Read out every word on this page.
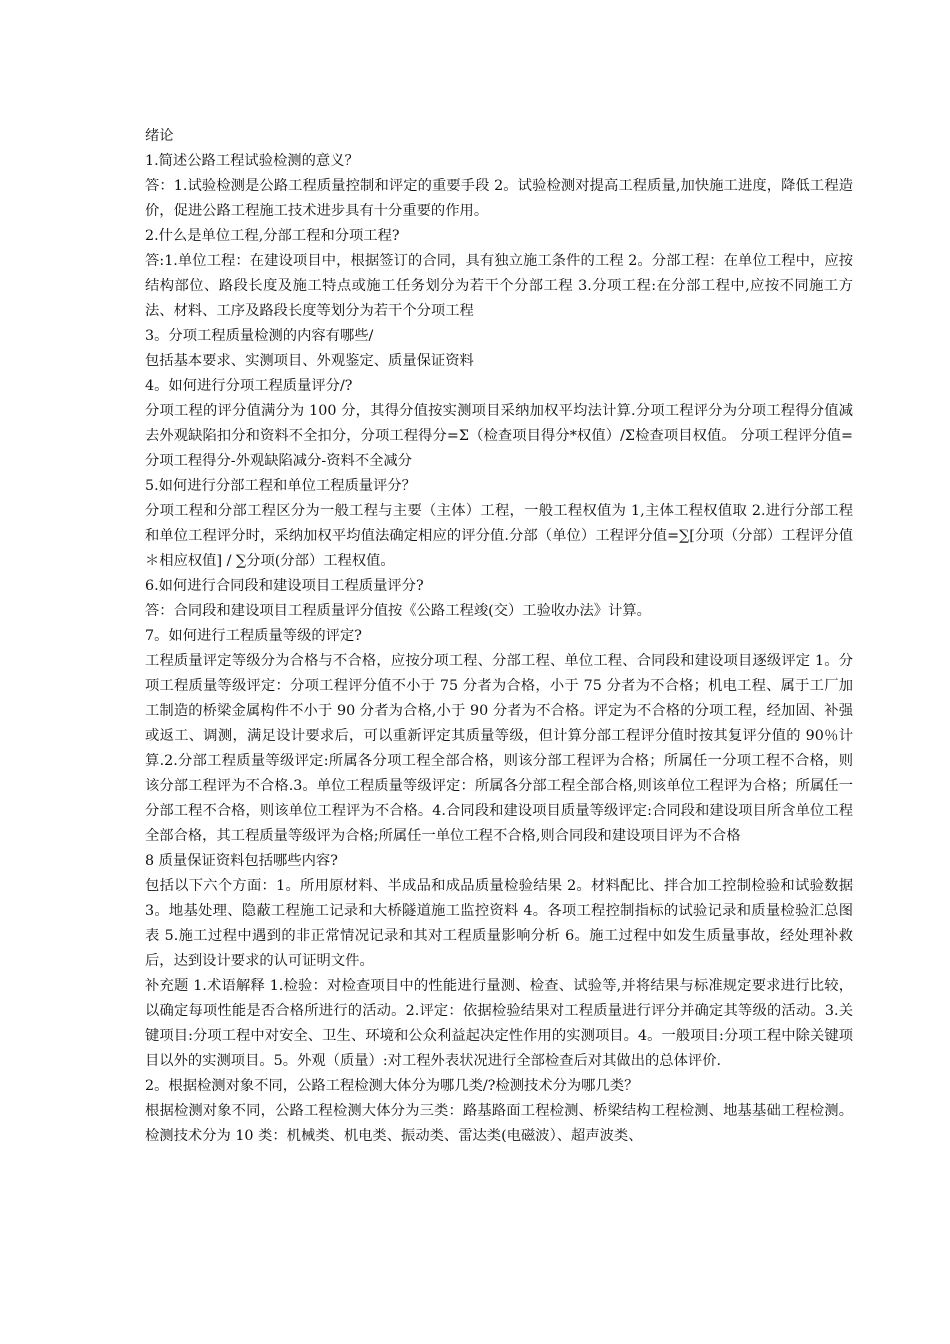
绪论

1.简述公路工程试验检测的意义？

答：1.试验检测是公路工程质量控制和评定的重要手段 2。试验检测对提高工程质量,加快施工进度，降低工程造价，促进公路工程施工技术进步具有十分重要的作用。

2.什么是单位工程,分部工程和分项工程?

答:1.单位工程：在建设项目中，根据签订的合同，具有独立施工条件的工程 2。分部工程：在单位工程中，应按结构部位、路段长度及施工特点或施工任务划分为若干个分部工程 3.分项工程:在分部工程中,应按不同施工方法、材料、工序及路段长度等划分为若干个分项工程

3。分项工程质量检测的内容有哪些/

包括基本要求、实测项目、外观鉴定、质量保证资料

4。如何进行分项工程质量评分/?

分项工程的评分值满分为 100 分，其得分值按实测项目采纳加权平均法计算.分项工程评分为分项工程得分值减去外观缺陷扣分和资料不全扣分，分项工程得分=Σ（检查项目得分*权值）/Σ检查项目权值。 分项工程评分值=分项工程得分-外观缺陷减分-资料不全减分

5.如何进行分部工程和单位工程质量评分？

分项工程和分部工程区分为一般工程与主要（主体）工程，一般工程权值为 1,主体工程权值取 2.进行分部工程和单位工程评分时，采纳加权平均值法确定相应的评分值.分部（单位）工程评分值=∑[分项（分部）工程评分值＊相应权值] / ∑分项(分部）工程权值。

6.如何进行合同段和建设项目工程质量评分?

答：合同段和建设项目工程质量评分值按《公路工程竣(交）工验收办法》计算。

7。如何进行工程质量等级的评定?

工程质量评定等级分为合格与不合格，应按分项工程、分部工程、单位工程、合同段和建设项目逐级评定 1。分项工程质量等级评定：分项工程评分值不小于 75 分者为合格，小于 75 分者为不合格；机电工程、属于工厂加工制造的桥梁金属构件不小于 90 分者为合格,小于 90 分者为不合格。评定为不合格的分项工程，经加固、补强或返工、调测，满足设计要求后，可以重新评定其质量等级，但计算分部工程评分值时按其复评分值的 90％计算.2.分部工程质量等级评定:所属各分项工程全部合格，则该分部工程评为合格；所属任一分项工程不合格，则该分部工程评为不合格.3。单位工程质量等级评定：所属各分部工程全部合格,则该单位工程评为合格；所属任一分部工程不合格，则该单位工程评为不合格。4.合同段和建设项目质量等级评定:合同段和建设项目所含单位工程全部合格，其工程质量等级评为合格;所属任一单位工程不合格,则合同段和建设项目评为不合格

8 质量保证资料包括哪些内容?

包括以下六个方面：1。所用原材料、半成品和成品质量检验结果 2。材料配比、拌合加工控制检验和试验数据 3。地基处理、隐蔽工程施工记录和大桥隧道施工监控资料 4。各项工程控制指标的试验记录和质量检验汇总图表 5.施工过程中遇到的非正常情况记录和其对工程质量影响分析 6。施工过程中如发生质量事故，经处理补救后，达到设计要求的认可证明文件。

补充题 1.术语解释 1.检验：对检查项目中的性能进行量测、检查、试验等,并将结果与标准规定要求进行比较，以确定每项性能是否合格所进行的活动。2.评定：依据检验结果对工程质量进行评分并确定其等级的活动。3.关键项目:分项工程中对安全、卫生、环境和公众利益起决定性作用的实测项目。4。一般项目:分项工程中除关键项目以外的实测项目。5。外观（质量）:对工程外表状况进行全部检查后对其做出的总体评价.

2。根据检测对象不同，公路工程检测大体分为哪几类/?检测技术分为哪几类？

根据检测对象不同，公路工程检测大体分为三类：路基路面工程检测、桥梁结构工程检测、地基基础工程检测。检测技术分为 10 类：机械类、机电类、振动类、雷达类(电磁波）、超声波类、
